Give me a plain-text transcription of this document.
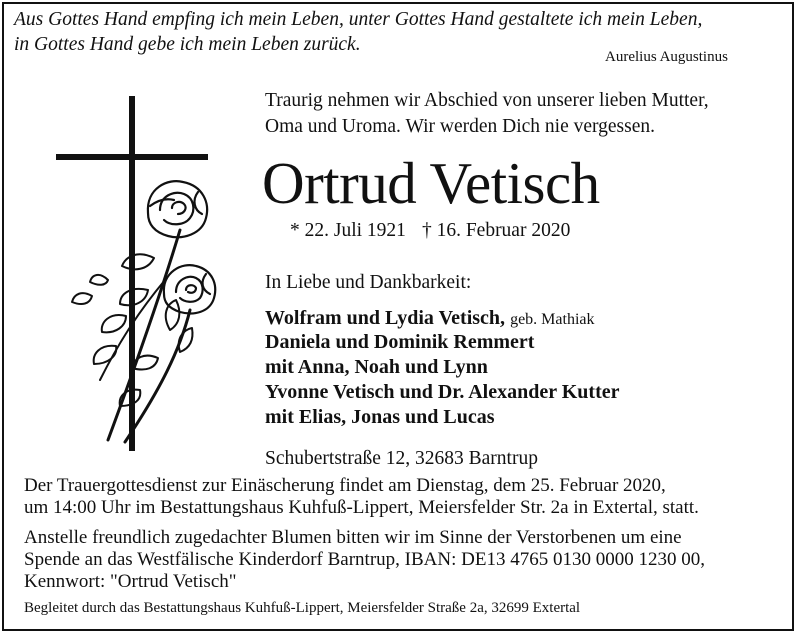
Aus Gottes Hand empfing ich mein Leben, unter Gottes Hand gestaltete ich mein Leben,
in Gottes Hand gebe ich mein Leben zurück.
Aurelius Augustinus
Traurig nehmen wir Abschied von unserer lieben Mutter,
Oma und Uroma. Wir werden Dich nie vergessen.
Ortrud Vetisch
* 22. Juli 1921 † 16. Februar 2020
In Liebe und Dankbarkeit:
Wolfram und Lydia Vetisch, geb. Mathiak
Daniela und Dominik Remmert
mit Anna, Noah und Lynn
Yvonne Vetisch und Dr. Alexander Kutter
mit Elias, Jonas und Lucas
Schubertstraße 12, 32683 Barntrup
Der Trauergottesdienst zur Einäscherung findet am Dienstag, dem 25. Februar 2020,
um 14:00 Uhr im Bestattungshaus Kuhfuß-Lippert, Meiersfelder Str. 2a in Extertal, statt.
Anstelle freundlich zugedachter Blumen bitten wir im Sinne der Verstorbenen um eine
Spende an das Westfälische Kinderdorf Barntrup, IBAN: DE13 4765 0130 0000 1230 00,
Kennwort: "Ortrud Vetisch"
Begleitet durch das Bestattungshaus Kuhfuß-Lippert, Meiersfelder Straße 2a, 32699 Extertal
